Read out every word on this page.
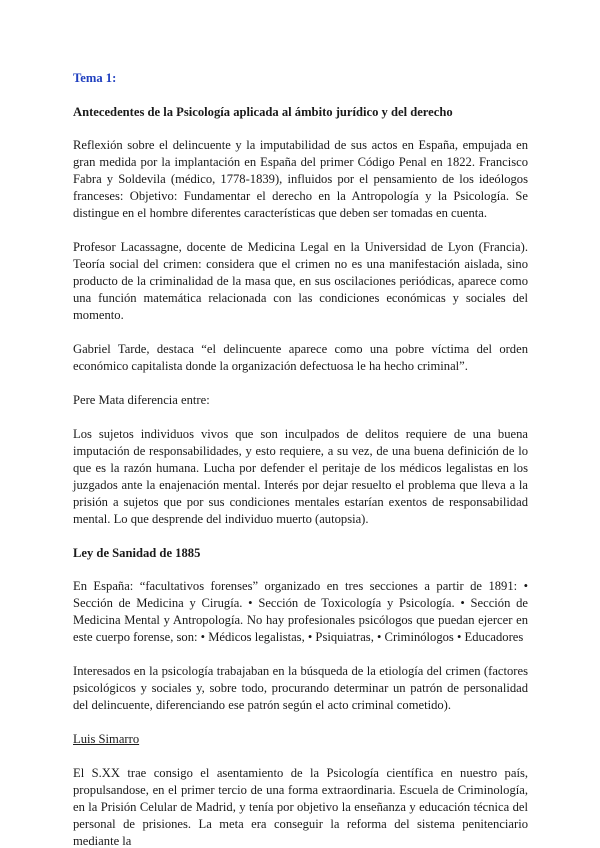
Tema 1:
Antecedentes de la Psicología aplicada al ámbito jurídico y del derecho

Reflexión sobre el delincuente y la imputabilidad de sus actos en España, empujada en gran medida por la implantación en España del primer Código Penal en 1822. Francisco Fabra y Soldevila (médico, 1778-1839), influidos por el pensamiento de los ideólogos franceses: Objetivo: Fundamentar el derecho en la Antropología y la Psicología. Se distingue en el hombre diferentes características que deben ser tomadas en cuenta.

Profesor Lacassagne, docente de Medicina Legal en la Universidad de Lyon (Francia). Teoría social del crimen: considera que el crimen no es una manifestación aislada, sino producto de la criminalidad de la masa que, en sus oscilaciones periódicas, aparece como una función matemática relacionada con las condiciones económicas y sociales del momento.

Gabriel Tarde, destaca “el delincuente aparece como una pobre víctima del orden económico capitalista donde la organización defectuosa le ha hecho criminal”.

Pere Mata diferencia entre:

Los sujetos individuos vivos que son inculpados de delitos requiere de una buena imputación de responsabilidades, y esto requiere, a su vez, de una buena definición de lo que es la razón humana. Lucha por defender el peritaje de los médicos legalistas en los juzgados ante la enajenación mental. Interés por dejar resuelto el problema que lleva a la prisión a sujetos que por sus condiciones mentales estarían exentos de responsabilidad mental. Lo que desprende del individuo muerto (autopsia).

Ley de Sanidad de 1885

En España: “facultativos forenses” organizado en tres secciones a partir de 1891: • Sección de Medicina y Cirugía. • Sección de Toxicología y Psicología. • Sección de Medicina Mental y Antropología. No hay profesionales psicólogos que puedan ejercer en este cuerpo forense, son: • Médicos legalistas, • Psiquiatras, • Criminólogos • Educadores

Interesados en la psicología trabajaban en la búsqueda de la etiología del crimen (factores psicológicos y sociales y, sobre todo, procurando determinar un patrón de personalidad del delincuente, diferenciando ese patrón según el acto criminal cometido).

Luis Simarro

El S.XX trae consigo el asentamiento de la Psicología científica en nuestro país, propulsandose, en el primer tercio de una forma extraordinaria. Escuela de Criminología, en la Prisión Celular de Madrid, y tenía por objetivo la enseñanza y educación técnica del personal de prisiones. La meta era conseguir la reforma del sistema penitenciario mediante la
